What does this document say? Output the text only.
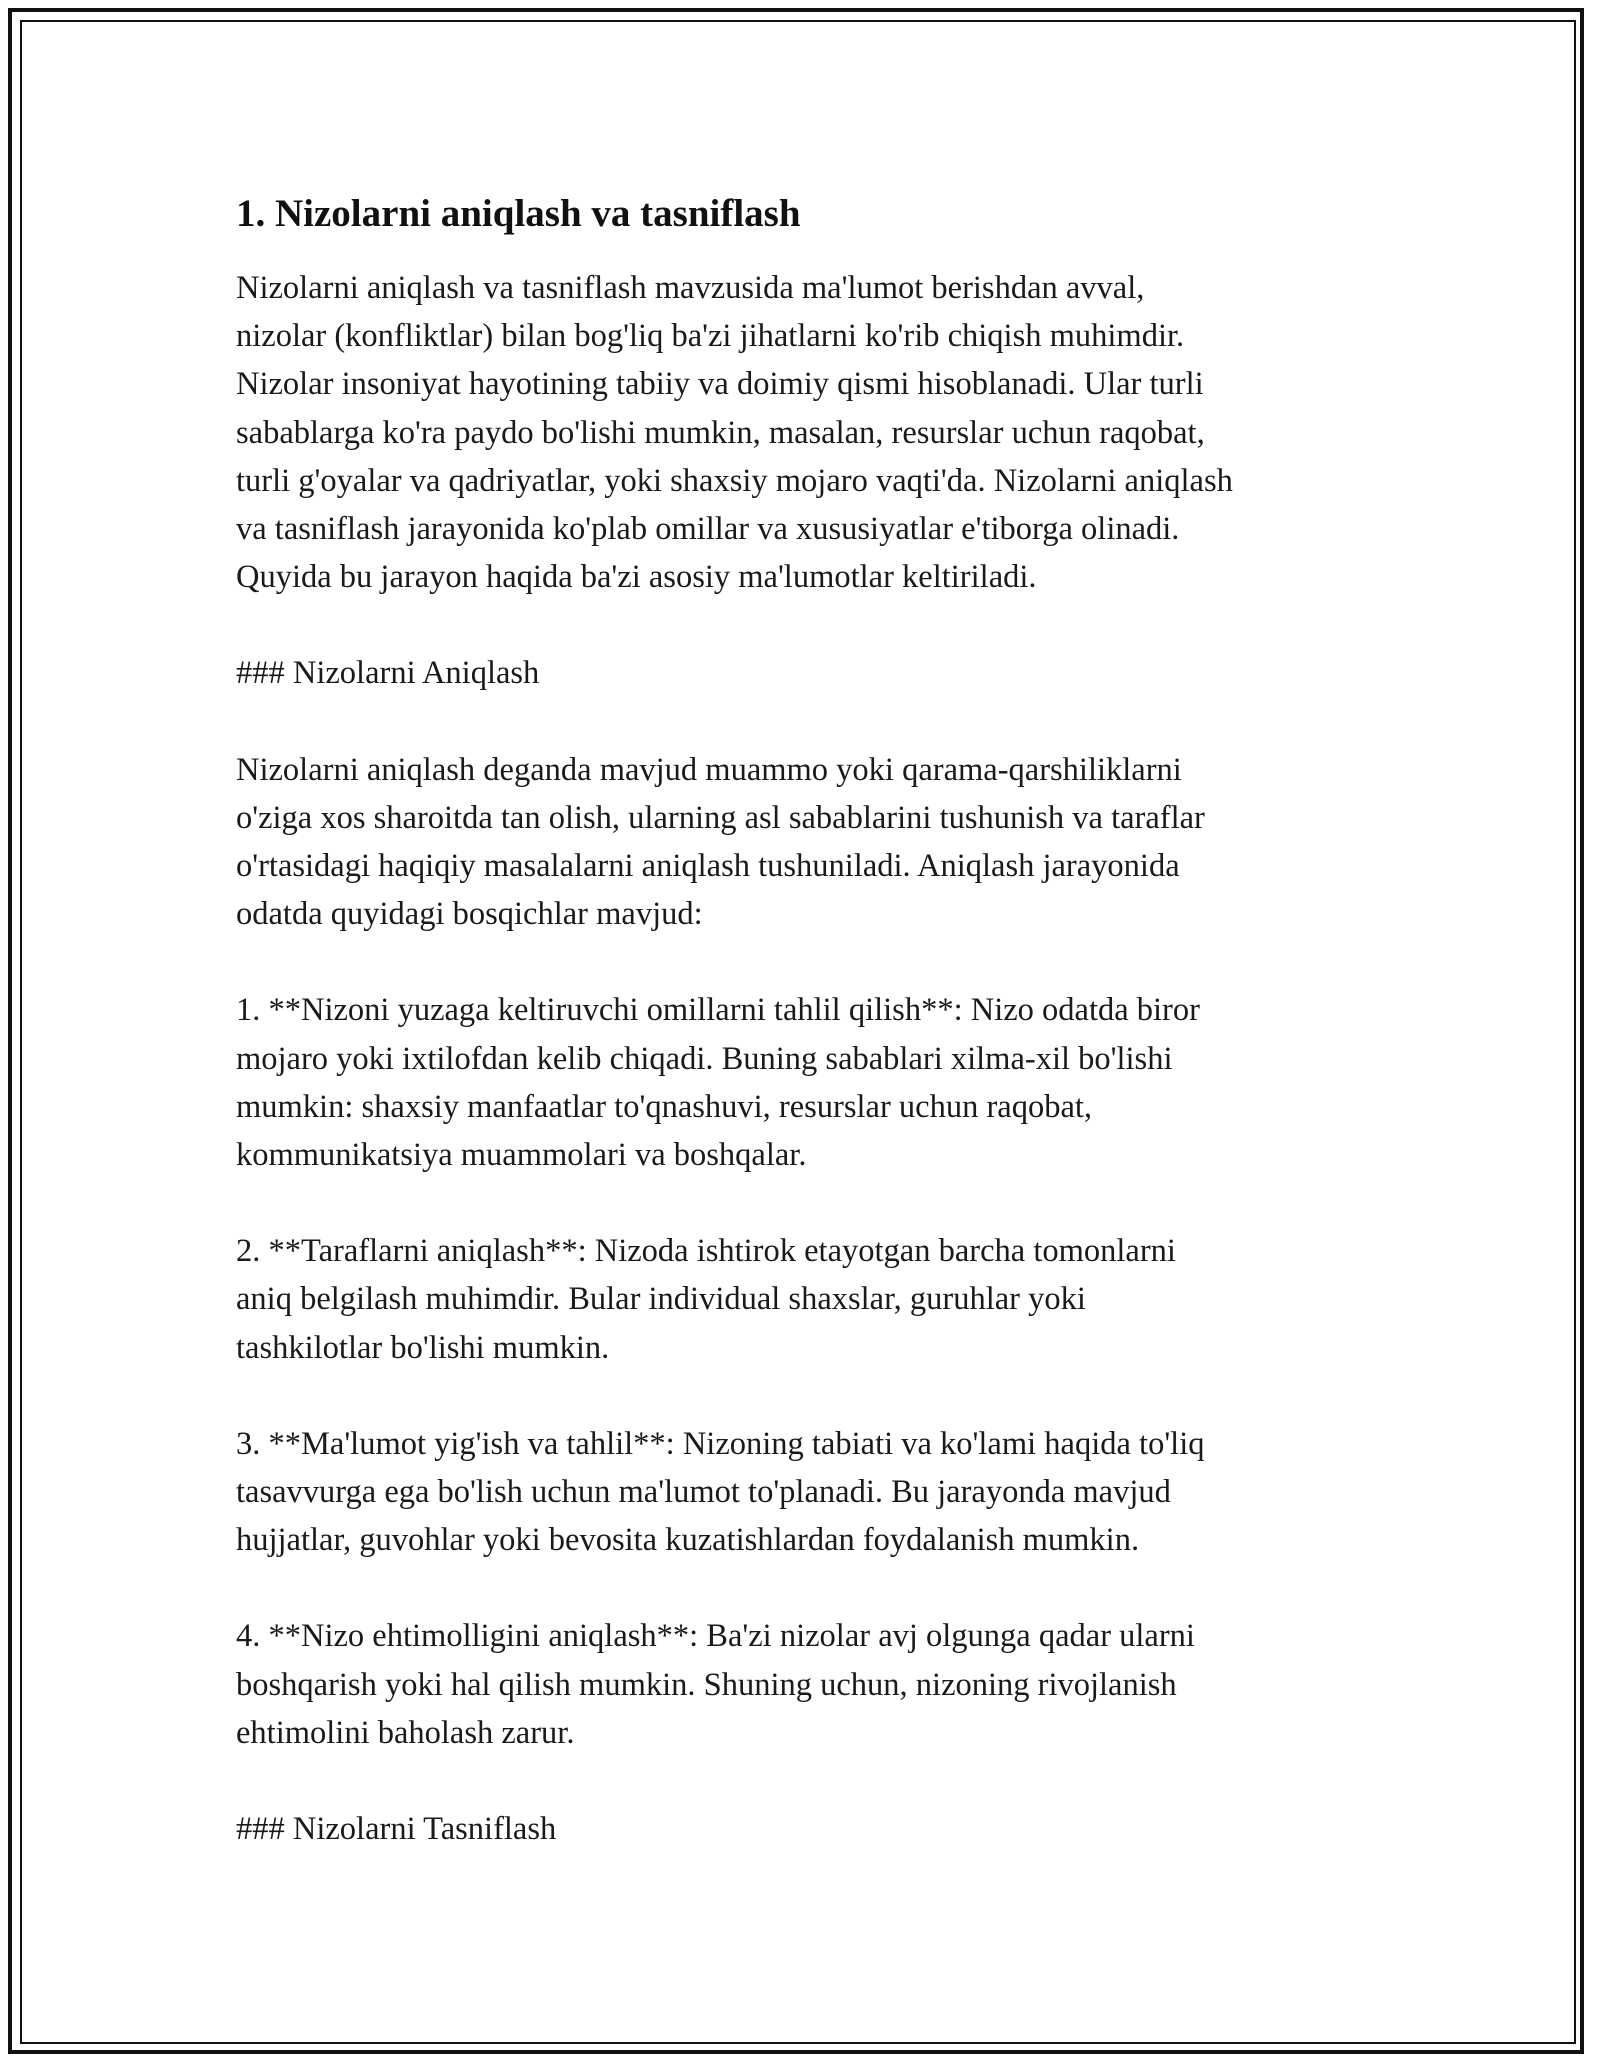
1. Nizolarni aniqlash va tasniflash

Nizolarni aniqlash va tasniflash mavzusida ma'lumot berishdan avval,
nizolar (konfliktlar) bilan bog'liq ba'zi jihatlarni ko'rib chiqish muhimdir.
Nizolar insoniyat hayotining tabiiy va doimiy qismi hisoblanadi. Ular turli
sabablarga ko'ra paydo bo'lishi mumkin, masalan, resurslar uchun raqobat,
turli g'oyalar va qadriyatlar, yoki shaxsiy mojaro vaqti'da. Nizolarni aniqlash
va tasniflash jarayonida ko'plab omillar va xususiyatlar e'tiborga olinadi.
Quyida bu jarayon haqida ba'zi asosiy ma'lumotlar keltiriladi.

### Nizolarni Aniqlash

Nizolarni aniqlash deganda mavjud muammo yoki qarama-qarshiliklarni
o'ziga xos sharoitda tan olish, ularning asl sabablarini tushunish va taraflar
o'rtasidagi haqiqiy masalalarni aniqlash tushuniladi. Aniqlash jarayonida
odatda quyidagi bosqichlar mavjud:

1. **Nizoni yuzaga keltiruvchi omillarni tahlil qilish**: Nizo odatda biror
mojaro yoki ixtilofdan kelib chiqadi. Buning sabablari xilma-xil bo'lishi
mumkin: shaxsiy manfaatlar to'qnashuvi, resurslar uchun raqobat,
kommunikatsiya muammolari va boshqalar.

2. **Taraflarni aniqlash**: Nizoda ishtirok etayotgan barcha tomonlarni
aniq belgilash muhimdir. Bular individual shaxslar, guruhlar yoki
tashkilotlar bo'lishi mumkin.

3. **Ma'lumot yig'ish va tahlil**: Nizoning tabiati va ko'lami haqida to'liq
tasavvurga ega bo'lish uchun ma'lumot to'planadi. Bu jarayonda mavjud
hujjatlar, guvohlar yoki bevosita kuzatishlardan foydalanish mumkin.

4. **Nizo ehtimolligini aniqlash**: Ba'zi nizolar avj olgunga qadar ularni
boshqarish yoki hal qilish mumkin. Shuning uchun, nizoning rivojlanish
ehtimolini baholash zarur.

### Nizolarni Tasniflash
